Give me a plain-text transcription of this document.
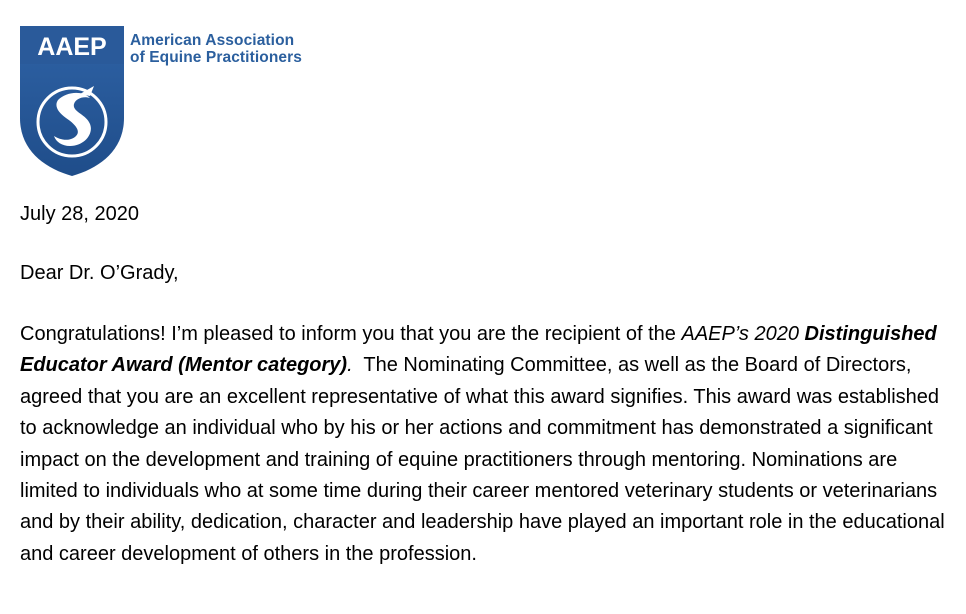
AAEP American Association
of Equine Practitioners
July 28, 2020
Dear Dr. O’Grady,
Congratulations! I’m pleased to inform you that you are the recipient of the AAEP’s 2020 Distinguished Educator Award (Mentor category).  The Nominating Committee, as well as the Board of Directors, agreed that you are an excellent representative of what this award signifies. This award was established to acknowledge an individual who by his or her actions and commitment has demonstrated a significant impact on the development and training of equine practitioners through mentoring. Nominations are limited to individuals who at some time during their career mentored veterinary students or veterinarians and by their ability, dedication, character and leadership have played an important role in the educational and career development of others in the profession.
